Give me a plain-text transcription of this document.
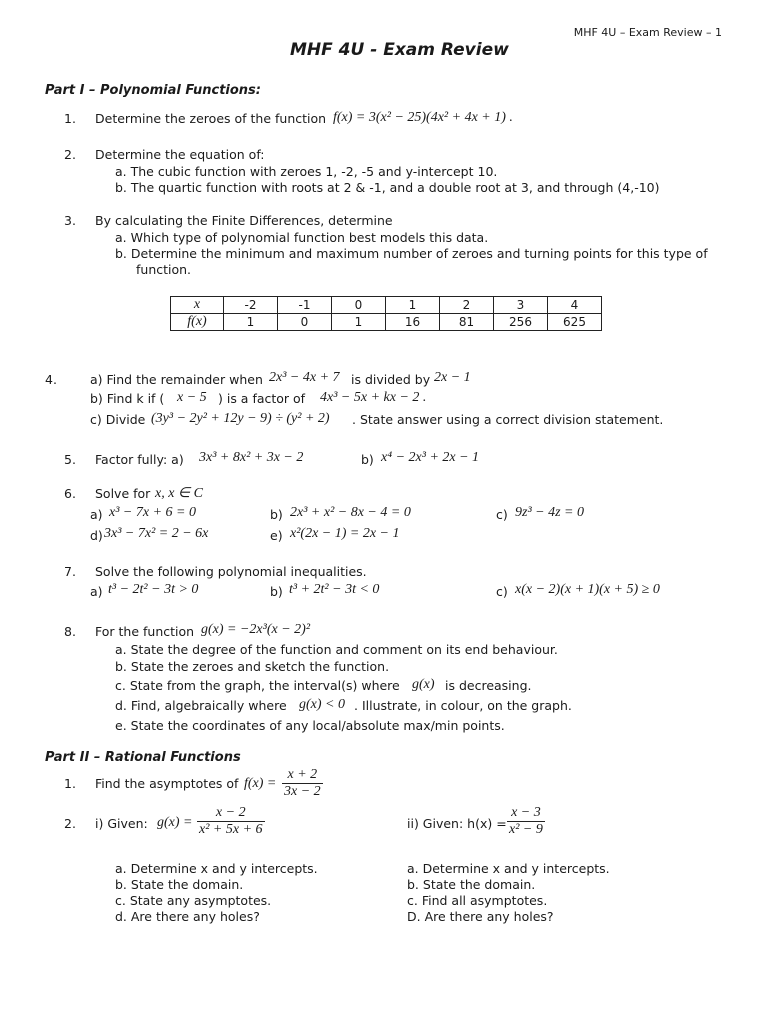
MHF 4U – Exam Review – 1
MHF 4U - Exam Review
Part I – Polynomial Functions:
1. Determine the zeroes of the function f(x) = 3(x² − 25)(4x² + 4x + 1) .
2. Determine the equation of:
a. The cubic function with zeroes 1, -2, -5 and y-intercept 10.
b. The quartic function with roots at 2 & -1, and a double root at 3, and through (4,-10)
3. By calculating the Finite Differences, determine
a. Which type of polynomial function best models this data.
b. Determine the minimum and maximum number of zeroes and turning points for this type of
function.
x	-2	-1	0	1	2	3	4
f(x)	1	0	1	16	81	256	625
4.	a) Find the remainder when 2x³ − 4x + 7 is divided by 2x − 1
b) Find k if ( x − 5 ) is a factor of 4x³ − 5x + kx − 2 .
c) Divide (3y³ − 2y² + 12y − 9) ÷ (y² + 2) . State answer using a correct division statement.
5. Factor fully: a) 3x³ + 8x² + 3x − 2	b) x⁴ − 2x³ + 2x − 1
6. Solve for x, x ∈ C
a) x³ − 7x + 6 = 0	b) 2x³ + x² − 8x − 4 = 0	c) 9z³ − 4z = 0
d) 3x³ − 7x² = 2 − 6x	e) x²(2x − 1) = 2x − 1
7. Solve the following polynomial inequalities.
a) t³ − 2t² − 3t > 0	b) t³ + 2t² − 3t < 0	c) x(x − 2)(x + 1)(x + 5) ≥ 0
8. For the function g(x) = −2x³(x − 2)²
a. State the degree of the function and comment on its end behaviour.
b. State the zeroes and sketch the function.
c. State from the graph, the interval(s) where g(x) is decreasing.
d. Find, algebraically where g(x) < 0 . Illustrate, in colour, on the graph.
e. State the coordinates of any local/absolute max/min points.
Part II – Rational Functions
1. Find the asymptotes of $f(x) = \frac{x + 2}{3x - 2}$
2. i) Given: $g(x) = \frac{x - 2}{\text{x² + 5x + 6}}$	ii) Given: $h(x) = \frac{x - 3}{\text{x² − 9}}$
a. Determine x and y intercepts.
b. State the domain.
c. State any asymptotes.
d. Are there any holes?
a. Determine x and y intercepts.
b. State the domain.
c. Find all asymptotes.
D. Are there any holes?
